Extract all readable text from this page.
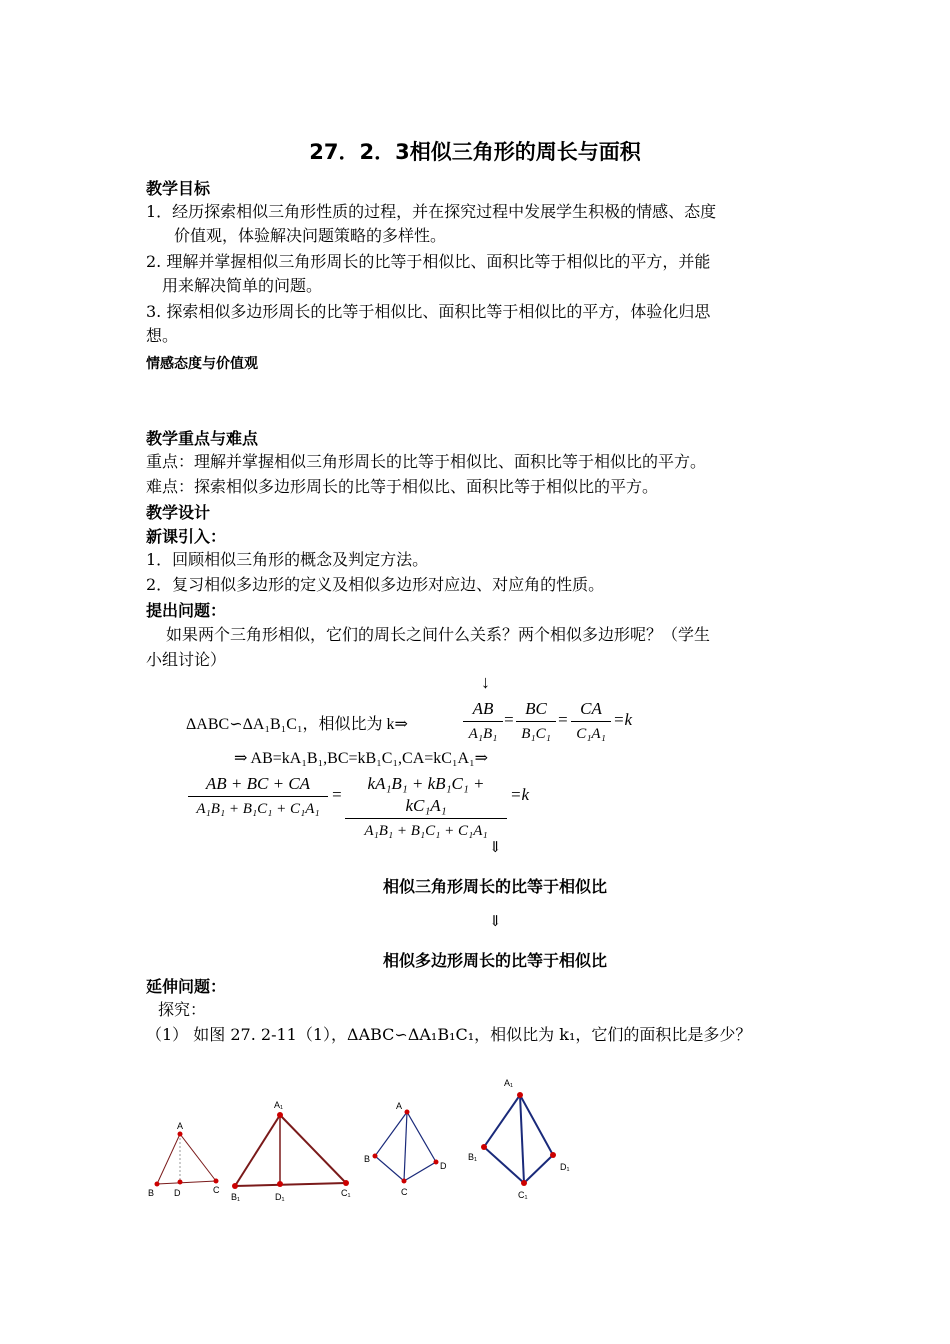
27．2．3相似三角形的周长与面积
教学目标
1．经历探索相似三角形性质的过程，并在探究过程中发展学生积极的情感、态度
价值观，体验解决问题策略的多样性。
2. 理解并掌握相似三角形周长的比等于相似比、面积比等于相似比的平方，并能
用来解决简单的问题。
3. 探索相似多边形周长的比等于相似比、面积比等于相似比的平方，体验化归思
想。
情感态度与价值观
教学重点与难点
重点：理解并掌握相似三角形周长的比等于相似比、面积比等于相似比的平方。
难点：探索相似多边形周长的比等于相似比、面积比等于相似比的平方。
教学设计
新课引入：
1．回顾相似三角形的概念及判定方法。
2．复习相似多边形的定义及相似多边形对应边、对应角的性质。
提出问题：
如果两个三角形相似，它们的周长之间什么关系？两个相似多边形呢？（学生
小组讨论）
↓
ΔABC∽ΔA₁B₁C₁，相似比为 k⇒
AB
A₁B₁
=
BC
B₁C₁
=
CA
C₁A₁
=k
⇒ AB=kA₁B₁,BC=kB₁C₁,CA=kC₁A₁⇒
AB + BC + CA
A₁B₁ + B₁C₁ + C₁A₁
=
kA₁B₁ + kB₁C₁ + kC₁A₁
A₁B₁ + B₁C₁ + C₁A₁
=k
⇓
相似三角形周长的比等于相似比
⇓
相似多边形周长的比等于相似比
延伸问题：
探究：
（1） 如图 27. 2-11（1），ΔABC∽ΔA₁B₁C₁，相似比为 k₁，它们的面积比是多少？
A
B	C
D
A₁
B₁	C₁
D₁
A
B
C
D
A₁
B₁
C₁
D₁
